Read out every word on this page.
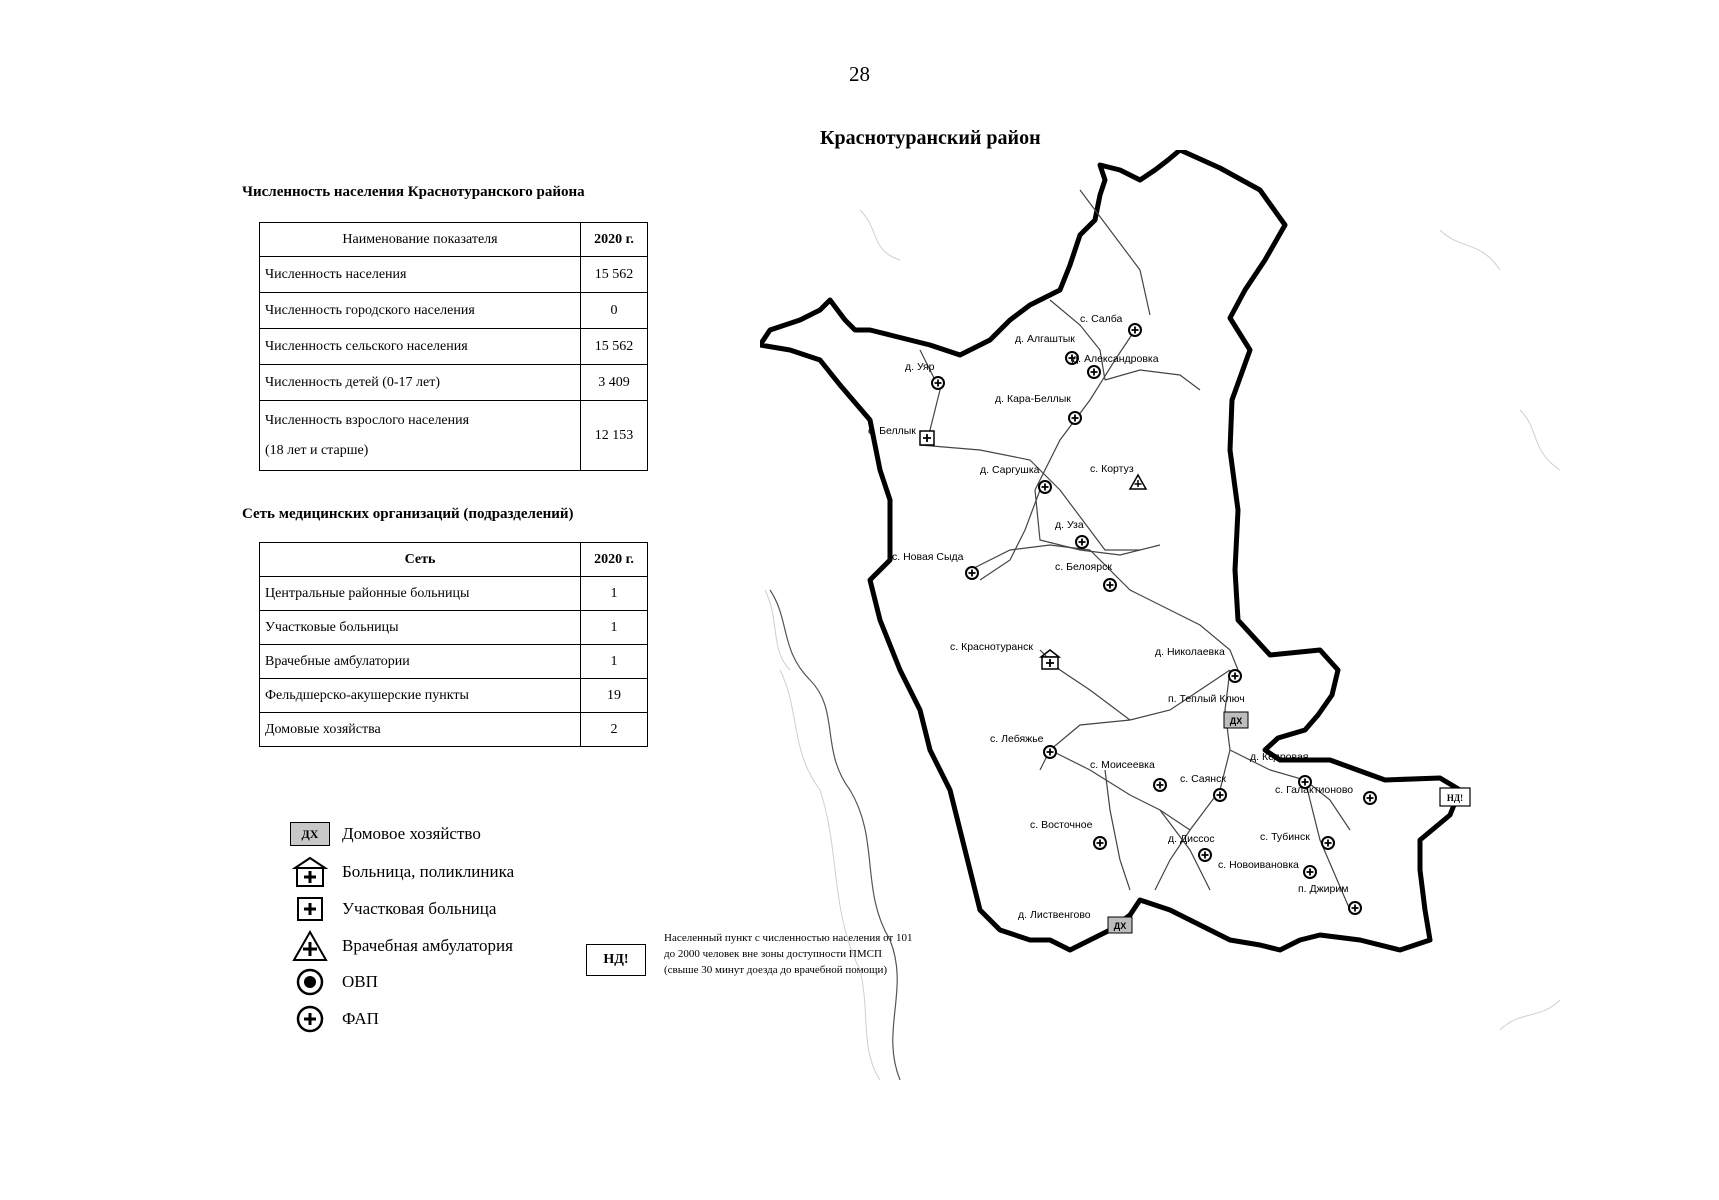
28
Краснотуранский район
Численность населения Краснотуранского района
Наименование показателя	2020 г.
Численность населения	15 562
Численность городского населения	0
Численность сельского населения	15 562
Численность детей (0-17 лет)	3 409

Численность взрослого населения
(18 лет и старше)	12 153
Сеть медицинских организаций (подразделений)
Сеть	2020 г.
Центральные районные больницы	1
Участковые больницы	1
Врачебные амбулатории	1
Фельдшерско-акушерские пункты	19
Домовые хозяйства	2
ДХ	Домовое хозяйство
Больница, поликлиника
Участковая больница
Врачебная амбулатория
ОВП
ФАП
НД!
Населенный пункт с численностью населения от 101 до 2000 человек вне зоны доступности ПМСП (свыше 30 минут доезда до врачебной помощи)
с. Салба
д. Алгаштык
д. Александровка
д. Уяр
д. Кара-Беллык
с. Беллык
д. Саргушка	с. Кортуз
д. Уза
с. Новая Сыда
с. Белоярск
с. Краснотуранск	д. Николаевка
ДХ
п. Теплый Ключ
с. Лебяжье
д. Кедровая
с. Моисеевка
с. Саянск
НД!
с. Галактионово
с. Восточное
с. Тубинск
д. Диссос
с. Новоивановка
п. Джирим
ДХ
д. Лиственгово
